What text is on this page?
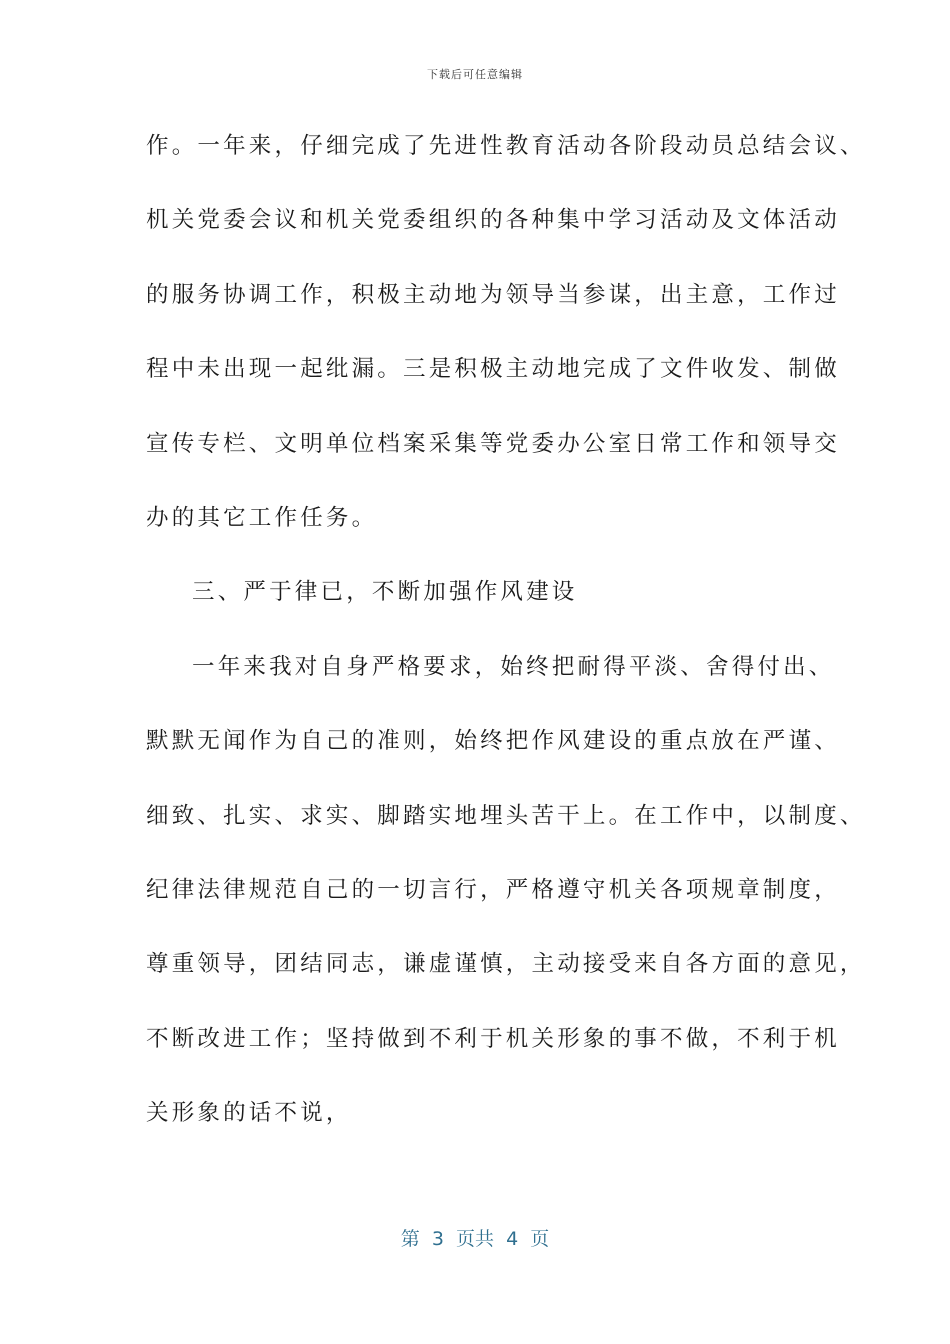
下载后可任意编辑
作。一年来，仔细完成了先进性教育活动各阶段动员总结会议、
机关党委会议和机关党委组织的各种集中学习活动及文体活动
的服务协调工作，积极主动地为领导当参谋，出主意，工作过
程中未出现一起纰漏。三是积极主动地完成了文件收发、制做
宣传专栏、文明单位档案采集等党委办公室日常工作和领导交
办的其它工作任务。
三、严于律已，不断加强作风建设
一年来我对自身严格要求，始终把耐得平淡、舍得付出、
默默无闻作为自己的准则，始终把作风建设的重点放在严谨、
细致、扎实、求实、脚踏实地埋头苦干上。在工作中，以制度、
纪律法律规范自己的一切言行，严格遵守机关各项规章制度，
尊重领导，团结同志，谦虚谨慎，主动接受来自各方面的意见，
不断改进工作；坚持做到不利于机关形象的事不做，不利于机
关形象的话不说，
第  3  页共  4  页
